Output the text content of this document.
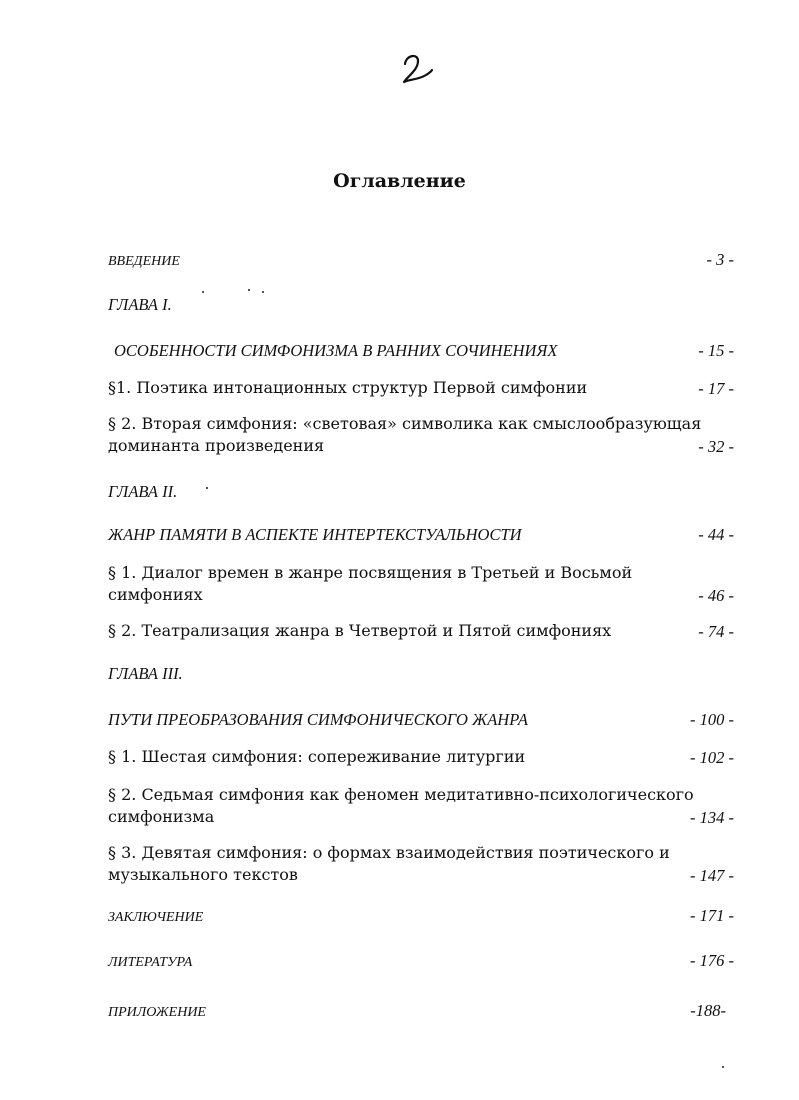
Оглавление
ВВЕДЕНИЕ	- 3 -
ГЛАВА I.
ОСОБЕННОСТИ СИМФОНИЗМА В РАННИХ СОЧИНЕНИЯХ	- 15 -
§1. Поэтика интонационных структур Первой симфонии	- 17 -
§ 2. Вторая симфония: «световая» символика как смыслообразующая доминанта произведения	- 32 -
ГЛАВА II.
ЖАНР ПАМЯТИ В АСПЕКТЕ ИНТЕРТЕКСТУАЛЬНОСТИ	- 44 -
§ 1. Диалог времен в жанре посвящения в Третьей и Восьмой симфониях	- 46 -
§ 2. Театрализация жанра в Четвертой и Пятой симфониях	- 74 -
ГЛАВА III.
ПУТИ ПРЕОБРАЗОВАНИЯ СИМФОНИЧЕСКОГО ЖАНРА	- 100 -
§ 1. Шестая симфония: сопереживание литургии	- 102 -
§ 2. Седьмая симфония как феномен медитативно-психологического симфонизма	- 134 -
§ 3. Девятая симфония: о формах взаимодействия поэтического и музыкального текстов	- 147 -
ЗАКЛЮЧЕНИЕ	- 171 -
ЛИТЕРАТУРА	- 176 -
ПРИЛОЖЕНИЕ	-188-
